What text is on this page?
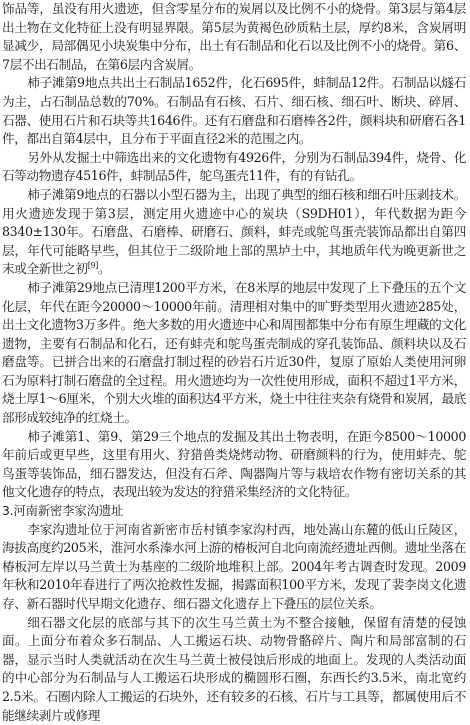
饰品等，虽没有用火遗迹，但含零星分布的炭屑以及比例不小的烧骨。第3层与第4层出土物在文化特征上没有明显界限。第5层为黄褐色砂质粘土层，厚约8米，含炭屑明显减少，局部偶见小块炭集中分布，出土有石制品和化石以及比例不小的烧骨。第6、7层不出石制品，在第6层内含炭屑。

柿子滩第9地点共出土石制品1652件，化石695件，蚌制品12件。石制品以燧石为主，占石制品总数的70%。石制品有石核、石片、细石核、细石叶、断块、碎屑、石器、使用石片和石块等共1646件。还有石磨盘和石磨棒各2件，颜料块和研磨石各1件，都出自第4层中，且分布于平面直径2米的范围之内。

另外从发掘土中筛选出来的文化遗物有4926件，分别为石制品394件，烧骨、化石等动物遗存4516件，蚌制品5件，鸵鸟蛋壳11件，有的有钻孔。

柿子滩第9地点的石器以小型石器为主，出现了典型的细石核和细石叶压剥技术。用火遗迹发现于第3层，测定用火遗迹中心的炭块（S9DH01），年代数据为距今8340±130年。石磨盘、石磨棒、研磨石、颜料，蚌壳或鸵鸟蛋壳装饰品都出自第四层，年代可能略早些，但其位于二级阶地上部的黑垆土中，其地质年代为晚更新世之末或全新世之初[9]。

柿子滩第29地点已清理1200平方米，在8米厚的地层中发现了上下叠压的五个文化层，年代在距今20000～10000年前。清理相对集中的旷野类型用火遗迹285处，出土文化遗物3万多件。绝大多数的用火遗迹中心和周围都集中分布有原生埋藏的文化遗物，主要有石制品和化石，还有蚌壳和鸵鸟蛋壳制成的穿孔装饰品、颜料块以及石磨盘等。已拼合出来的石磨盘打制过程的砂岩石片近30件，复原了原始人类使用河卵石为原料打制石磨盘的全过程。用火遗迹均为一次性使用形成，面积不超过1平方米，烧土厚1～6厘米，个别大火堆的面积达4平方米，烧土中往往夹杂有烧骨和炭屑，最底部形成较纯净的红烧土。

柿子滩第1、第9、第29三个地点的发掘及其出土物表明，在距今8500～10000年前后或更早些，这里有用火、狩猎兽类烧烤动物、研磨颜料的行为，使用蚌壳、鸵鸟蛋等装饰品，细石器发达，但没有石斧、陶器陶片等与栽培农作物有密切关系的其他文化遗存的特点，表现出较为发达的狩猎采集经济的文化特征。

3.河南新密李家沟遗址

李家沟遗址位于河南省新密市岳村镇李家沟村西，地处嵩山东麓的低山丘陵区，海拔高度约205米，淮河水系溱水河上游的椿板河自北向南流经遗址西侧。遗址坐落在椿板河左岸以马兰黄土为基座的二级阶地堆积上部。2004年考古调查时发现。2009年秋和2010年春进行了两次抢救性发掘，揭露面积100平方米，发现了裴李岗文化遗存、新石器时代早期文化遗存、细石器文化遗存上下叠压的层位关系。

细石器文化层的底部与其下的次生马兰黄土为不整合接触，保留有清楚的侵蚀面。上面分布着众多石制品、人工搬运石块、动物骨骼碎片、陶片和局部富制的石器，显示当时人类就活动在次生马兰黄土被侵蚀后形成的地面上。发现的人类活动面的中心部分为石制品与人工搬运石块形成的椭圆形石圈，东西长约3.5米，南北宽约2.5米。石圈内除人工搬运的石块外，还有较多的石核、石片与工具等，都属使用后不能继续剥片或修理
